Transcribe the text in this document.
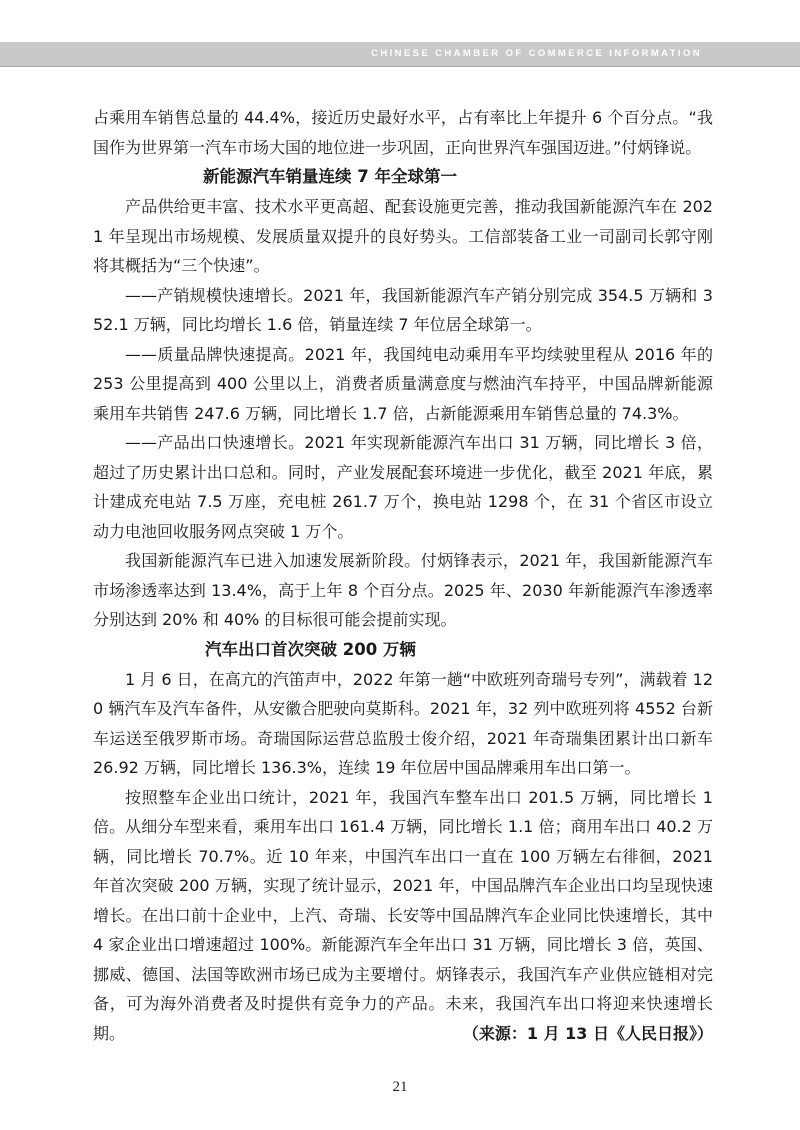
CHINESE CHAMBER OF COMMERCE INFORMATION

占乘用车销售总量的 44.4%，接近历史最好水平，占有率比上年提升 6 个百分点。“我国作为世界第一汽车市场大国的地位进一步巩固，正向世界汽车强国迈进。”付炳锋说。

新能源汽车销量连续 7 年全球第一

产品供给更丰富、技术水平更高超、配套设施更完善，推动我国新能源汽车在 2021 年呈现出市场规模、发展质量双提升的良好势头。工信部装备工业一司副司长郭守刚将其概括为“三个快速”。

——产销规模快速增长。2021 年，我国新能源汽车产销分别完成 354.5 万辆和 352.1 万辆，同比均增长 1.6 倍，销量连续 7 年位居全球第一。

——质量品牌快速提高。2021 年，我国纯电动乘用车平均续驶里程从 2016 年的 253 公里提高到 400 公里以上，消费者质量满意度与燃油汽车持平，中国品牌新能源乘用车共销售 247.6 万辆，同比增长 1.7 倍，占新能源乘用车销售总量的 74.3%。

——产品出口快速增长。2021 年实现新能源汽车出口 31 万辆，同比增长 3 倍，超过了历史累计出口总和。同时，产业发展配套环境进一步优化，截至 2021 年底，累计建成充电站 7.5 万座，充电桩 261.7 万个，换电站 1298 个，在 31 个省区市设立动力电池回收服务网点突破 1 万个。

我国新能源汽车已进入加速发展新阶段。付炳锋表示，2021 年，我国新能源汽车市场渗透率达到 13.4%，高于上年 8 个百分点。2025 年、2030 年新能源汽车渗透率分别达到 20% 和 40% 的目标很可能会提前实现。

汽车出口首次突破 200 万辆

1 月 6 日，在高亢的汽笛声中，2022 年第一趟“中欧班列奇瑞号专列”，满载着 120 辆汽车及汽车备件，从安徽合肥驶向莫斯科。2021 年，32 列中欧班列将 4552 台新车运送至俄罗斯市场。奇瑞国际运营总监殷士俊介绍，2021 年奇瑞集团累计出口新车 26.92 万辆，同比增长 136.3%，连续 19 年位居中国品牌乘用车出口第一。

按照整车企业出口统计，2021 年，我国汽车整车出口 201.5 万辆，同比增长 1 倍。从细分车型来看，乘用车出口 161.4 万辆，同比增长 1.1 倍；商用车出口 40.2 万辆，同比增长 70.7%。近 10 年来，中国汽车出口一直在 100 万辆左右徘徊，2021 年首次突破 200 万辆，实现了统计显示，2021 年，中国品牌汽车企业出口均呈现快速增长。在出口前十企业中，上汽、奇瑞、长安等中国品牌汽车企业同比快速增长，其中 4 家企业出口增速超过 100%。新能源汽车全年出口 31 万辆，同比增长 3 倍，英国、挪威、德国、法国等欧洲市场已成为主要增付。炳锋表示，我国汽车产业供应链相对完备，可为海外消费者及时提供有竞争力的产品。未来，我国汽车出口将迎来快速增长期。	（来源：1 月 13 日《人民日报》）

21
